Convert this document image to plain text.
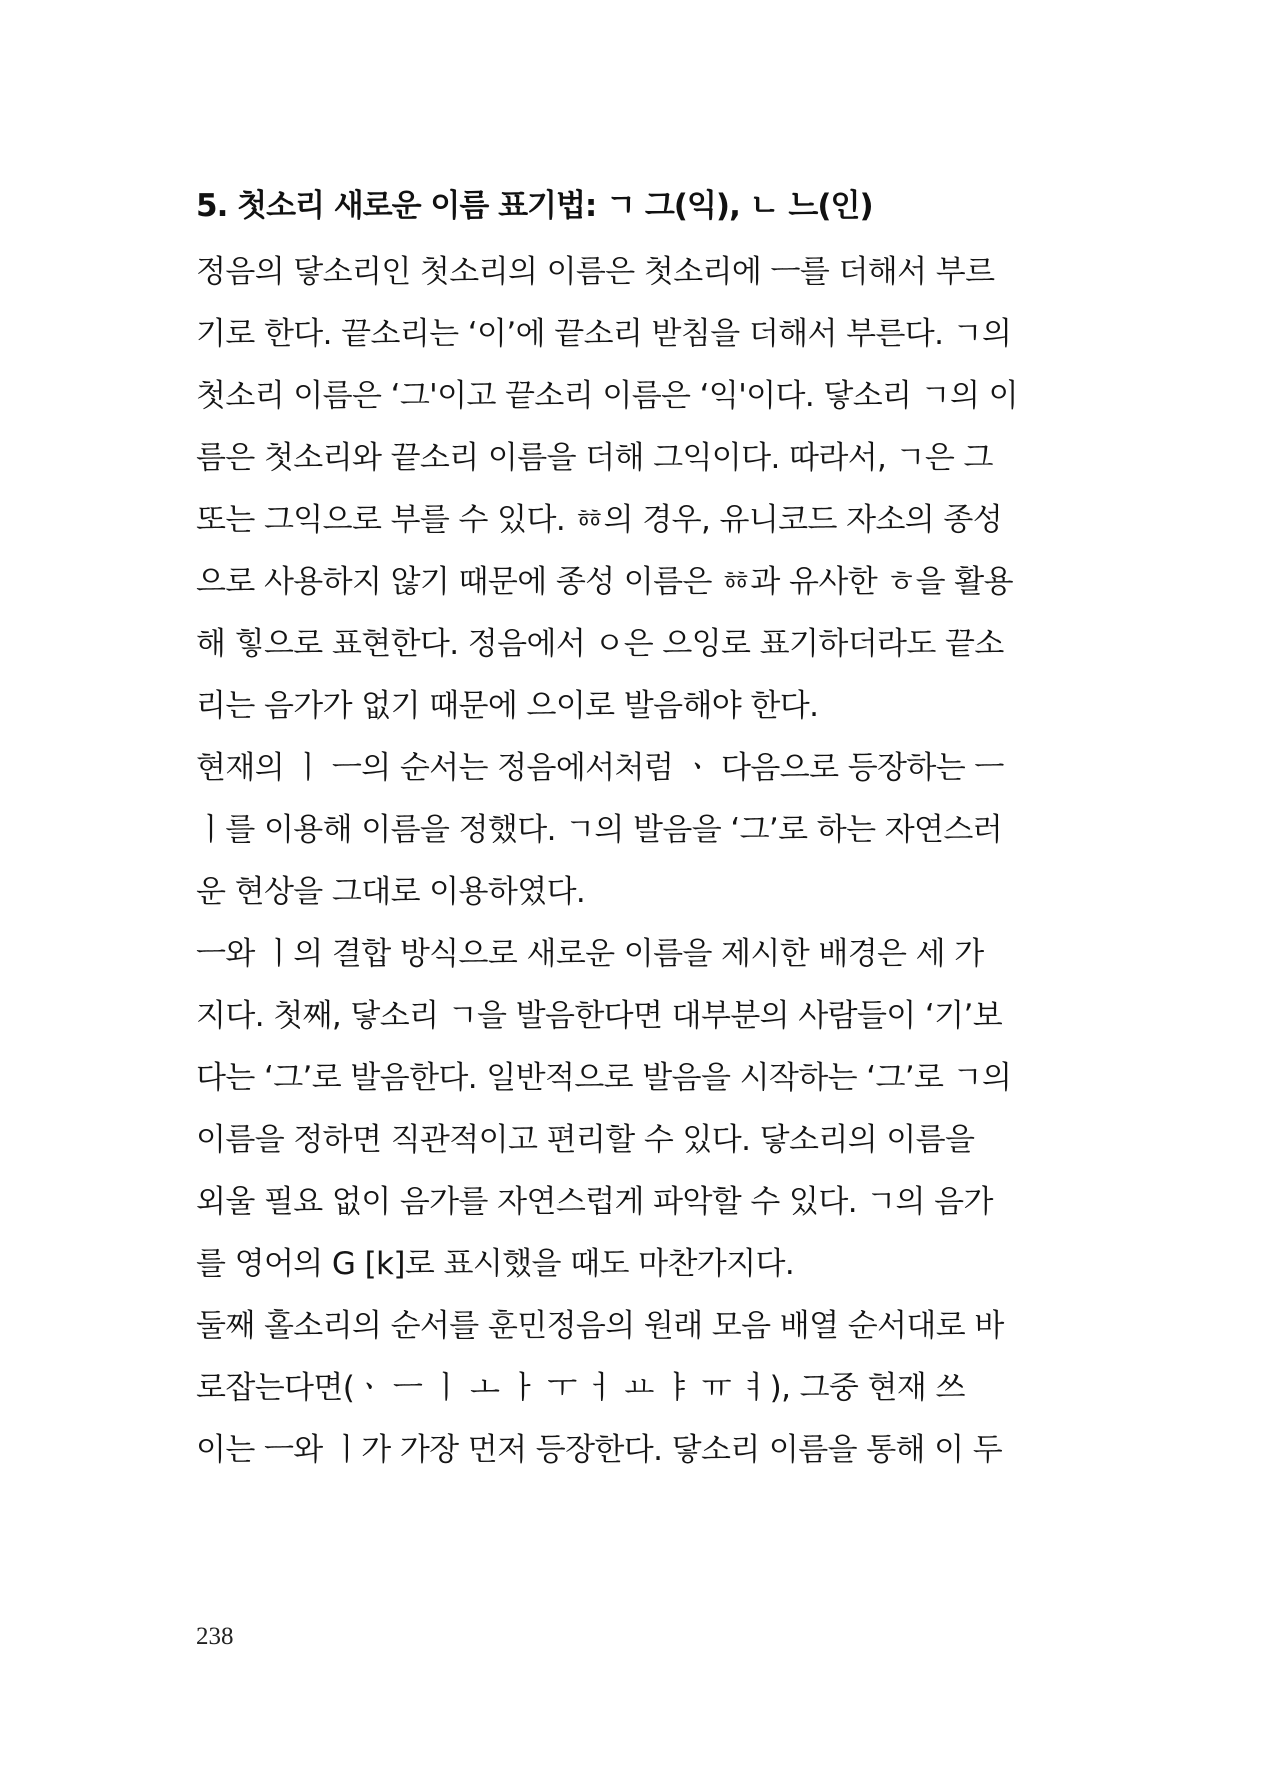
5. 첫소리 새로운 이름 표기법: ㄱ 그(익), ㄴ 느(인)
정음의 닿소리인 첫소리의 이름은 첫소리에 ㅡ를 더해서 부르
기로 한다. 끝소리는 ‘이’에 끝소리 받침을 더해서 부른다. ㄱ의
첫소리 이름은 ‘그'이고 끝소리 이름은 ‘익'이다. 닿소리 ㄱ의 이
름은 첫소리와 끝소리 이름을 더해 그익이다. 따라서, ㄱ은 그
또는 그익으로 부를 수 있다. ㆅ의 경우, 유니코드 자소의 종성
으로 사용하지 않기 때문에 종성 이름은 ㆅ과 유사한 ㅎ을 활용
해 힣으로 표현한다. 정음에서 ㅇ은 으잉로 표기하더라도 끝소
리는 음가가 없기 때문에 으이로 발음해야 한다.
현재의 ㅣ ㅡ의 순서는 정음에서처럼 ㆍ 다음으로 등장하는 ㅡ
ㅣ를 이용해 이름을 정했다. ㄱ의 발음을 ‘그’로 하는 자연스러
운 현상을 그대로 이용하였다.
ㅡ와 ㅣ의 결합 방식으로 새로운 이름을 제시한 배경은 세 가
지다. 첫째, 닿소리 ㄱ을 발음한다면 대부분의 사람들이 ‘기’보
다는 ‘그’로 발음한다. 일반적으로 발음을 시작하는 ‘그’로 ㄱ의
이름을 정하면 직관적이고 편리할 수 있다. 닿소리의 이름을
외울 필요 없이 음가를 자연스럽게 파악할 수 있다. ㄱ의 음가
를 영어의 G [k]로 표시했을 때도 마찬가지다.
둘째 홀소리의 순서를 훈민정음의 원래 모음 배열 순서대로 바
로잡는다면(ㆍ ㅡ ㅣ ㅗ ㅏ ㅜ ㅓ ㅛ ㅑ ㅠ ㅕ), 그중 현재 쓰
이는 ㅡ와 ㅣ가 가장 먼저 등장한다. 닿소리 이름을 통해 이 두
238
